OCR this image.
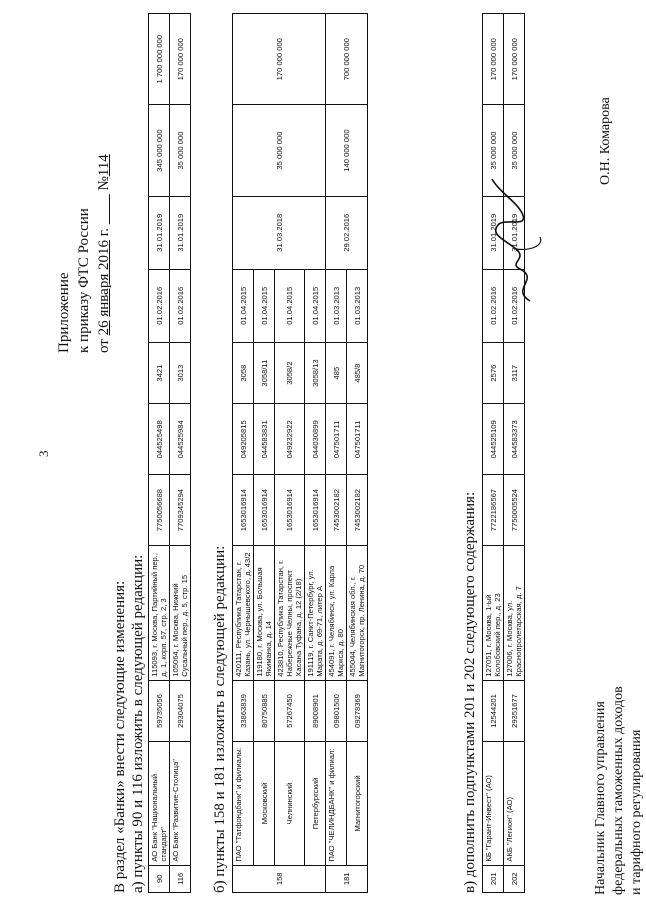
3
Приложение к приказу ФТС России от 26 января 2016 г.          №114
В раздел «Банки» внести следующие изменения: а) пункты 90 и 116 изложить в следующей редакции: 90	АО Банк "Национальный стандарт"	59735056	115093, г. Москва, Партийный пер., д. 1, корп. 57, стр. 2, 3	7750056688	044525498	3421	01.02.2016	31.01.2019	345 000 000	1 700 000 000
116	АО Банк "Развитие-Столица"	29304075	105064, г. Москва, Нижний Сусальный пер., д. 5, стр. 15	7709345294	044525984	3013	01.02.2016	31.01.2019	35 000 000	170 000 000
б) пункты 158 и 181 изложить в следующей редакции:	158	ПАО "Татфондбанк" и филиалы:	33863839	420111, Республика Татарстан, г. Казань, ул. Чернышевского, д. 43/2	1653016914	049205815	3058	01.04.2015	31.03.2018	35 000 000	170 000 000
	Московский	80750885	119180, г. Москва, ул. Большая Якиманка, д. 14	1653016914	044583831	3058/11	01.04.2015			
	Челнинский	57267450	423810, Республика Татарстан, г. Набережные Челны, проспект Хасана Туфана, д. 12 (2/18)	1653016914	049232922	3058/2	01.04.2015			
	Петербургский	89008901	191119, г. Санкт-Петербург, ул. Марата, д. 69-71, литер А	1653016914	044030899	3058/13	01.04.2015			
181	ПАО "ЧЕЛИНДБАНК" и филиал:	09801500	454091, г. Челябинск, ул. Карла Маркса, д. 80	7453002182	047501711	485	01.03.2013	29.02.2016	140 000 000	700 000 000
	Магнитогорский	09278369	455044, Челябинская обл., г. Магнитогорск, пр. Ленина, д. 70	7453002182	047501711	485/8	01.03.2013			
в) дополнить подпунктами 201 и 202 следующего содержания: 201	КБ "Гарант-Инвест" (АО)	12544201	127051, г. Москва, 1-ый Колобовский пер., д. 23	7722186567	044525109	2576	01.02.2016	31.01.2019	35 000 000	170 000 000
202	АКБ "Легион" (АО)	29351677	127006, г. Москва, ул. Краснопролетарская, д. 7	7750005524	044583373	3117	01.02.2016	31.01.2019	35 000 000	170 000 000
Начальник Главного управления федеральных таможенных доходов и тарифного регулирования
О.Н. Комарова
